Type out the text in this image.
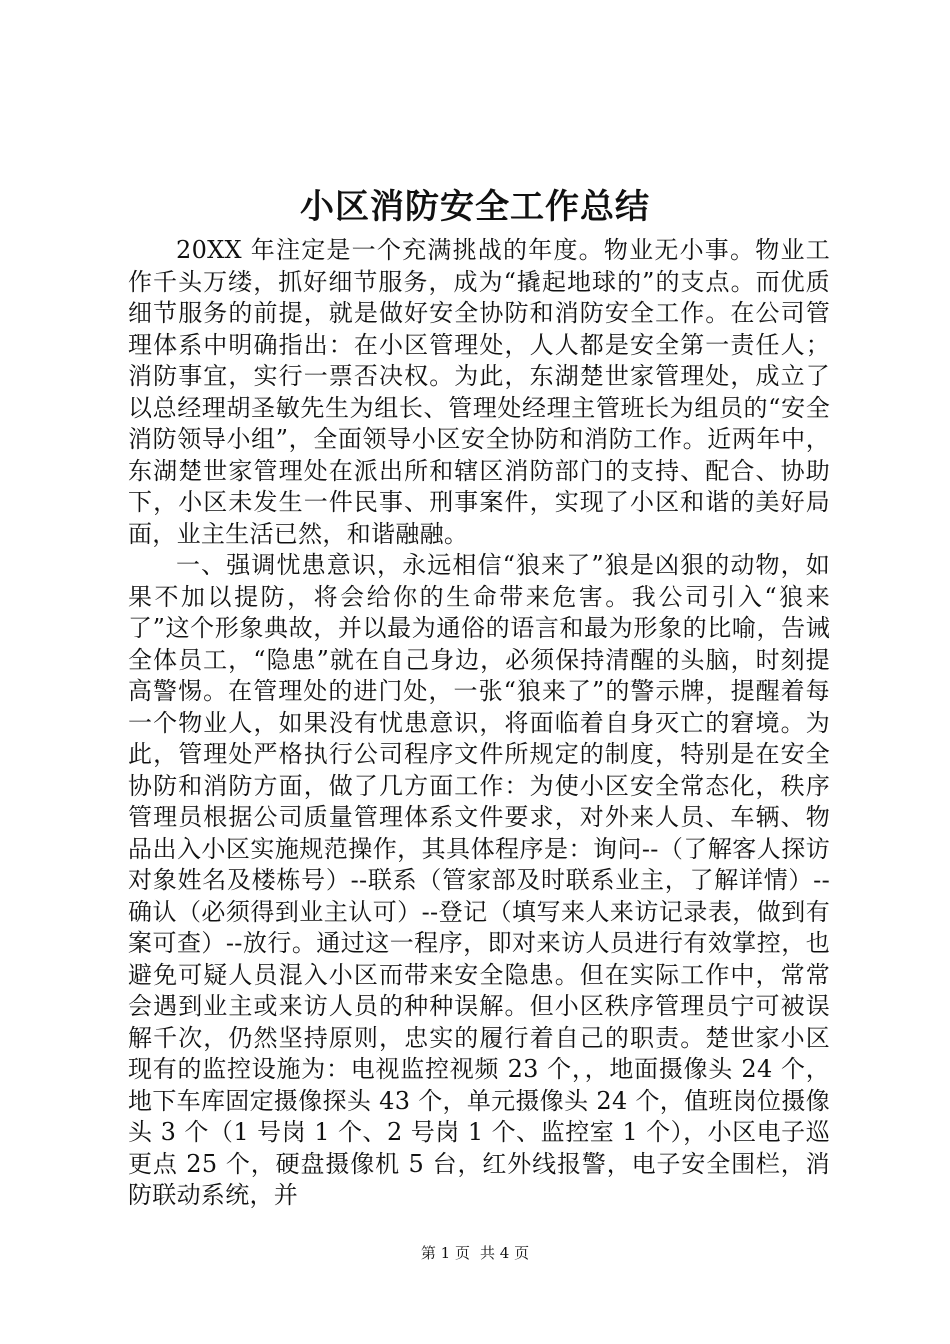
小区消防安全工作总结

20XX 年注定是一个充满挑战的年度。物业无小事。物业工作千头万缕，抓好细节服务，成为“撬起地球的”的支点。而优质细节服务的前提，就是做好安全协防和消防安全工作。在公司管理体系中明确指出：在小区管理处，人人都是安全第一责任人；消防事宜，实行一票否决权。为此，东湖楚世家管理处，成立了以总经理胡圣敏先生为组长、管理处经理主管班长为组员的“安全消防领导小组”，全面领导小区安全协防和消防工作。近两年中，东湖楚世家管理处在派出所和辖区消防部门的支持、配合、协助下，小区未发生一件民事、刑事案件，实现了小区和谐的美好局面，业主生活已然，和谐融融。

一、强调忧患意识，永远相信“狼来了”狼是凶狠的动物，如果不加以提防，将会给你的生命带来危害。我公司引入“狼来了”这个形象典故，并以最为通俗的语言和最为形象的比喻，告诫全体员工，“隐患”就在自己身边，必须保持清醒的头脑，时刻提高警惕。在管理处的进门处，一张“狼来了”的警示牌，提醒着每一个物业人，如果没有忧患意识，将面临着自身灭亡的窘境。为此，管理处严格执行公司程序文件所规定的制度，特别是在安全协防和消防方面，做了几方面工作：为使小区安全常态化，秩序管理员根据公司质量管理体系文件要求，对外来人员、车辆、物品出入小区实施规范操作，其具体程序是：询问--（了解客人探访对象姓名及楼栋号）--联系（管家部及时联系业主，了解详情）--确认（必须得到业主认可）--登记（填写来人来访记录表，做到有案可查）--放行。通过这一程序，即对来访人员进行有效掌控，也避免可疑人员混入小区而带来安全隐患。但在实际工作中，常常会遇到业主或来访人员的种种误解。但小区秩序管理员宁可被误解千次，仍然坚持原则，忠实的履行着自己的职责。楚世家小区现有的监控设施为：电视监控视频 23 个，，地面摄像头 24 个，地下车库固定摄像探头 43 个，单元摄像头 24 个，值班岗位摄像头 3 个（1 号岗 1 个、2 号岗 1 个、监控室 1 个），小区电子巡更点 25 个，硬盘摄像机 5 台，红外线报警，电子安全围栏，消防联动系统，并

第 1 页 共 4 页
